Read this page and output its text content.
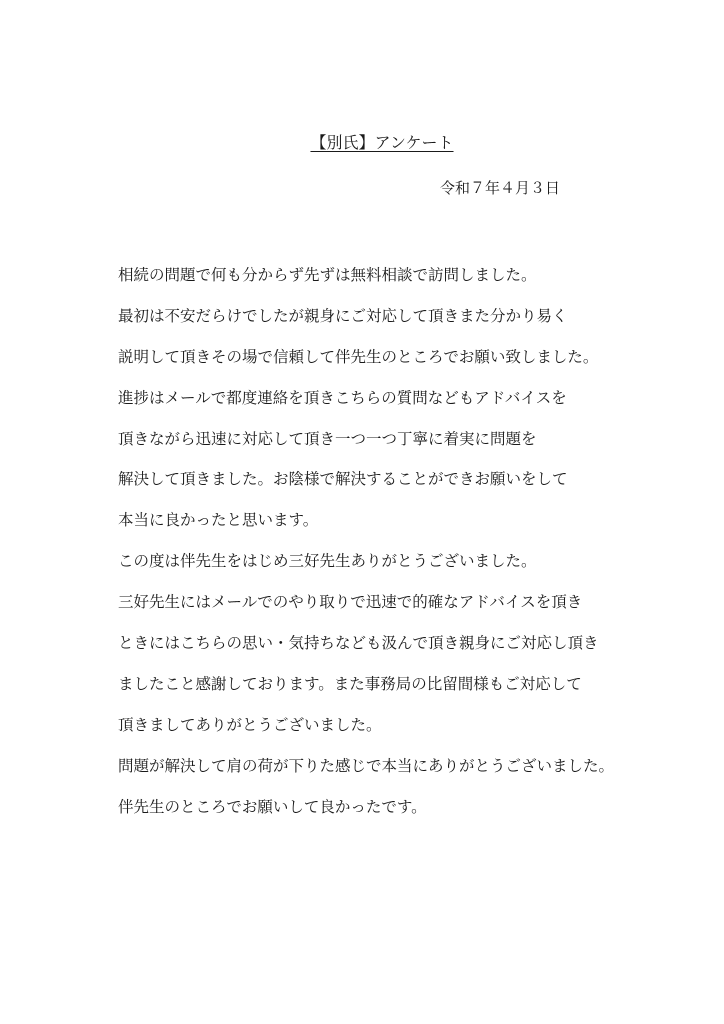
【別氏】アンケート
令和７年４月３日
相続の問題で何も分からず先ずは無料相談で訪問しました。
最初は不安だらけでしたが親身にご対応して頂きまた分かり易く
説明して頂きその場で信頼して伴先生のところでお願い致しました。
進捗はメールで都度連絡を頂きこちらの質問などもアドバイスを
頂きながら迅速に対応して頂き一つ一つ丁寧に着実に問題を
解決して頂きました。お陰様で解決することができお願いをして
本当に良かったと思います。
この度は伴先生をはじめ三好先生ありがとうございました。
三好先生にはメールでのやり取りで迅速で的確なアドバイスを頂き
ときにはこちらの思い・気持ちなども汲んで頂き親身にご対応し頂き
ましたこと感謝しております。また事務局の比留間様もご対応して
頂きましてありがとうございました。
問題が解決して肩の荷が下りた感じで本当にありがとうございました。
伴先生のところでお願いして良かったです。
